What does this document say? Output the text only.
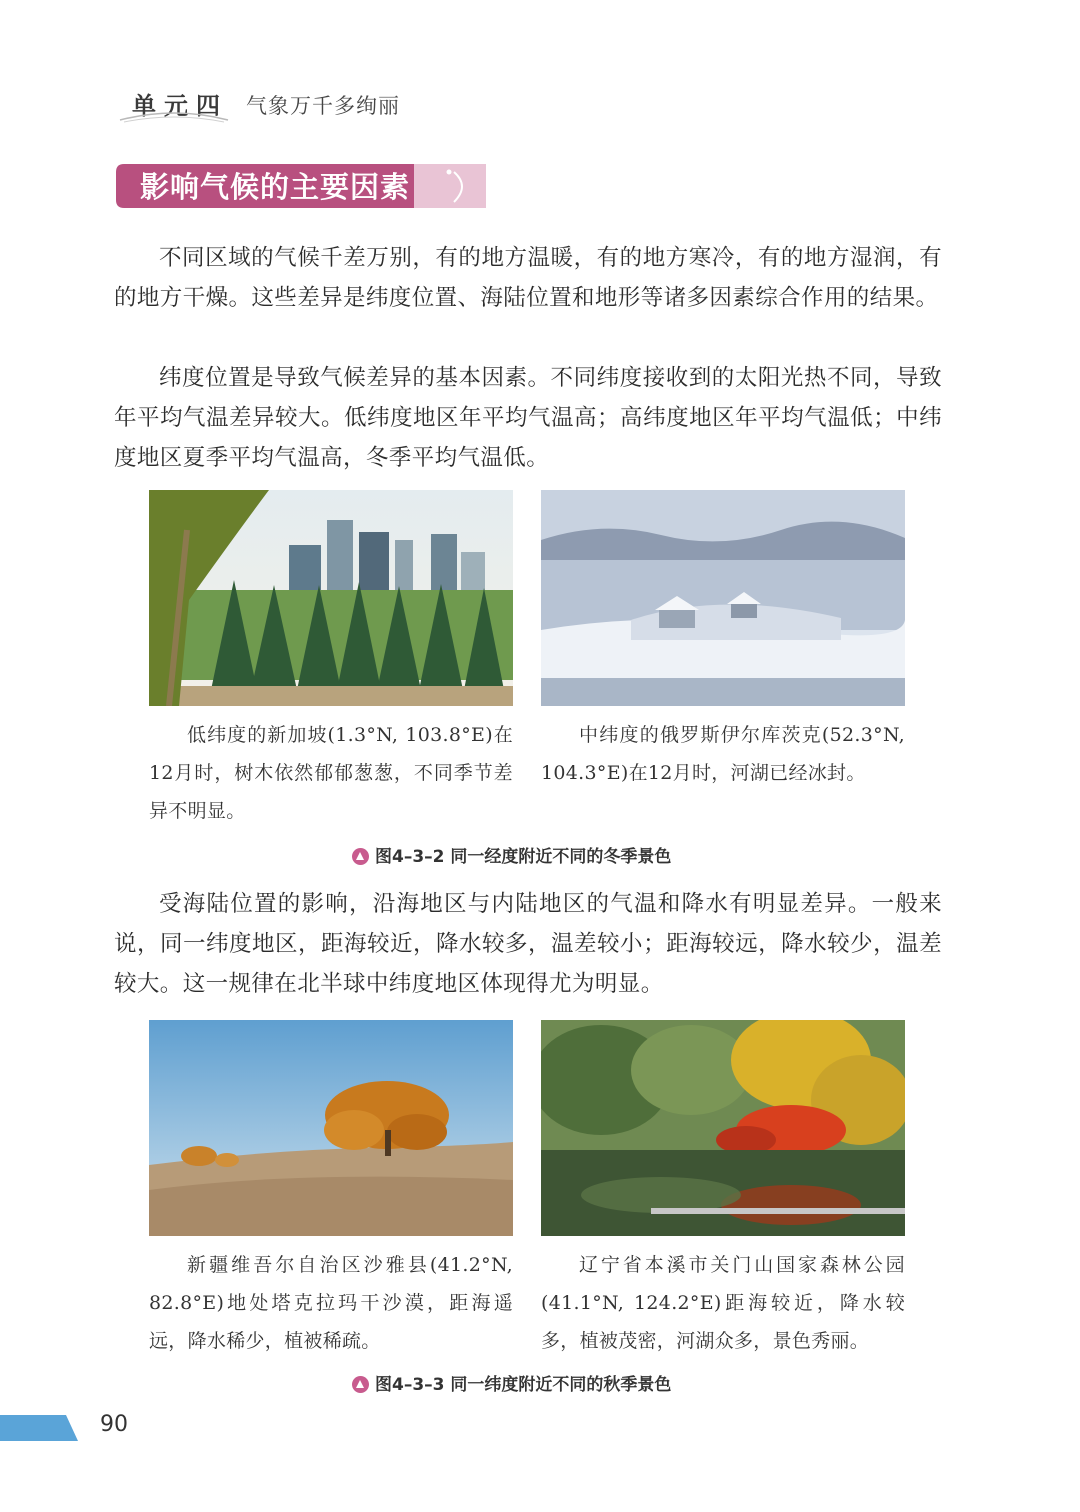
单元四 气象万千多绚丽
影响气候的主要因素

不同区域的气候千差万别，有的地方温暖，有的地方寒冷，有的地方湿润，有的地方干燥。这些差异是纬度位置、海陆位置和地形等诸多因素综合作用的结果。

纬度位置是导致气候差异的基本因素。不同纬度接收到的太阳光热不同，导致年平均气温差异较大。低纬度地区年平均气温高；高纬度地区年平均气温低；中纬度地区夏季平均气温高，冬季平均气温低。

低纬度的新加坡(1.3°N, 103.8°E)在12月时，树木依然郁郁葱葱，不同季节差异不明显。

中纬度的俄罗斯伊尔库茨克(52.3°N, 104.3°E)在12月时，河湖已经冰封。

图4–3–2 同一经度附近不同的冬季景色

受海陆位置的影响，沿海地区与内陆地区的气温和降水有明显差异。一般来说，同一纬度地区，距海较近，降水较多，温差较小；距海较远，降水较少，温差较大。这一规律在北半球中纬度地区体现得尤为明显。

新疆维吾尔自治区沙雅县(41.2°N, 82.8°E)地处塔克拉玛干沙漠，距海遥远，降水稀少，植被稀疏。

辽宁省本溪市关门山国家森林公园(41.1°N, 124.2°E)距海较近，降水较多，植被茂密，河湖众多，景色秀丽。

图4–3–3 同一纬度附近不同的秋季景色
90
